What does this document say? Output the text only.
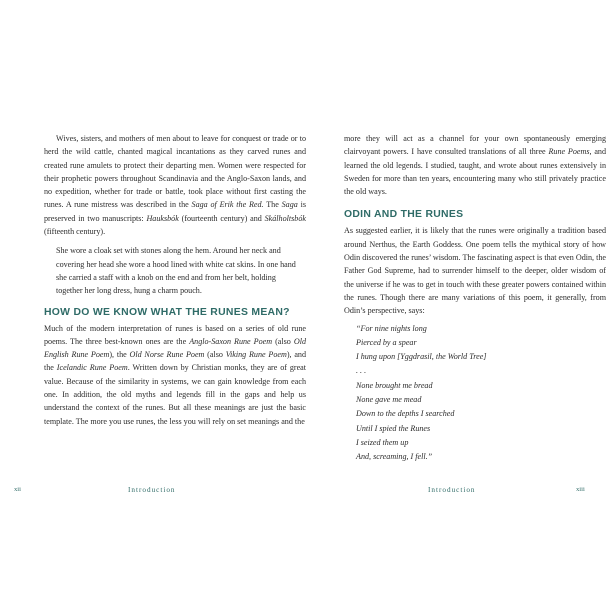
Wives, sisters, and mothers of men about to leave for conquest or trade or to herd the wild cattle, chanted magical incantations as they carved runes and created rune amulets to protect their departing men. Women were respected for their prophetic powers throughout Scandinavia and the Anglo-Saxon lands, and no expedition, whether for trade or battle, took place without first casting the runes. A rune mistress was described in the Saga of Erik the Red. The Saga is preserved in two manuscripts: Hauksbók (fourteenth century) and Skálholtsbók (fifteenth century).

She wore a cloak set with stones along the hem. Around her neck and covering her head she wore a hood lined with white cat skins. In one hand she carried a staff with a knob on the end and from her belt, holding together her long dress, hung a charm pouch.
HOW DO WE KNOW WHAT THE RUNES MEAN?

Much of the modern interpretation of runes is based on a series of old rune poems. The three best-known ones are the Anglo-Saxon Rune Poem (also Old English Rune Poem), the Old Norse Rune Poem (also Viking Rune Poem), and the Icelandic Rune Poem. Written down by Christian monks, they are of great value. Because of the similarity in systems, we can gain knowledge from each one. In addition, the old myths and legends fill in the gaps and help us understand the context of the runes. But all these meanings are just the basic template. The more you use runes, the less you will rely on set meanings and the

xii	Introduction

more they will act as a channel for your own spontaneously emerging clairvoyant powers. I have consulted translations of all three Rune Poems, and learned the old legends. I studied, taught, and wrote about runes extensively in Sweden for more than ten years, encountering many who still privately practice the old ways.

ODIN AND THE RUNES

As suggested earlier, it is likely that the runes were originally a tradition based around Nerthus, the Earth Goddess. One poem tells the mythical story of how Odin discovered the runes’ wisdom. The fascinating aspect is that even Odin, the Father God Supreme, had to surrender himself to the deeper, older wisdom of the universe if he was to get in touch with these greater powers contained within the runes. Though there are many variations of this poem, it generally, from Odin’s perspective, says:

“For nine nights long
Pierced by a spear
I hung upon [Yggdrasil, the World Tree]
. . .
None brought me bread
None gave me mead
Down to the depths I searched
Until I spied the Runes
I seized them up
And, screaming, I fell.”
Introduction	xiii
